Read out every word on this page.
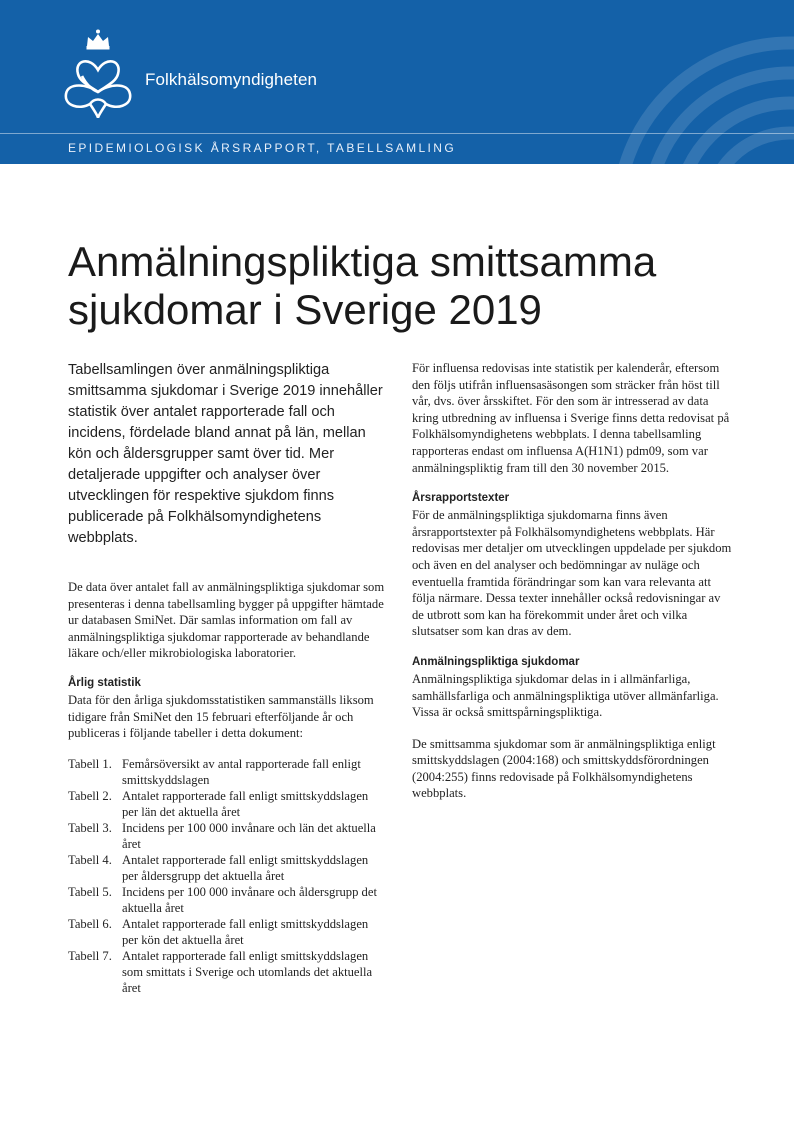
Folkhälsomyndigheten
EPIDEMIOLOGISK ÅRSRAPPORT, TABELLSAMLING
Anmälningspliktiga smittsamma
sjukdomar i Sverige 2019

Tabellsamlingen över anmälningspliktiga smittsamma sjukdomar i Sverige 2019 innehåller statistik över antalet rapporterade fall och incidens, fördelade bland annat på län, mellan kön och åldersgrupper samt över tid. Mer detaljerade uppgifter och analyser över utvecklingen för respektive sjukdom finns publicerade på Folkhälsomyndighetens webbplats.

De data över antalet fall av anmälningspliktiga sjukdomar som presenteras i denna tabellsamling bygger på uppgifter hämtade ur databasen SmiNet. Där samlas information om fall av anmälningspliktiga sjukdomar rapporterade av behandlande läkare och/eller mikrobiologiska laboratorier.

Årlig statistik

Data för den årliga sjukdomsstatistiken sammanställs liksom tidigare från SmiNet den 15 februari efterföljande år och publiceras i följande tabeller i detta dokument:

Tabell 1. Femårsöversikt av antal rapporterade fall enligt smittskyddslagen
Tabell 2. Antalet rapporterade fall enligt smittskyddslagen per län det aktuella året
Tabell 3. Incidens per 100 000 invånare och län det aktuella året
Tabell 4. Antalet rapporterade fall enligt smittskyddslagen per åldersgrupp det aktuella året
Tabell 5. Incidens per 100 000 invånare och åldersgrupp det aktuella året
Tabell 6. Antalet rapporterade fall enligt smittskyddslagen per kön det aktuella året
Tabell 7. Antalet rapporterade fall enligt smittskyddslagen som smittats i Sverige och utomlands det aktuella året

För influensa redovisas inte statistik per kalenderår, eftersom den följs utifrån influensasäsongen som sträcker från höst till vår, dvs. över årsskiftet. För den som är intresserad av data kring utbredning av influensa i Sverige finns detta redovisat på Folkhälsomyndighetens webbplats. I denna tabellsamling rapporteras endast om influensa A(H1N1) pdm09, som var anmälningspliktig fram till den 30 november 2015.

Årsrapportstexter

För de anmälningspliktiga sjukdomarna finns även årsrapportstexter på Folkhälsomyndighetens webbplats. Här redovisas mer detaljer om utvecklingen uppdelade per sjukdom och även en del analyser och bedömningar av nuläge och eventuella framtida förändringar som kan vara relevanta att följa närmare. Dessa texter innehåller också redovisningar av de utbrott som kan ha förekommit under året och vilka slutsatser som kan dras av dem.

Anmälningspliktiga sjukdomar

Anmälningspliktiga sjukdomar delas in i allmänfarliga, samhällsfarliga och anmälningspliktiga utöver allmänfarliga. Vissa är också smittspårningspliktiga.

De smittsamma sjukdomar som är anmälningspliktiga enligt smittskyddslagen (2004:168) och smittskyddsförordningen (2004:255) finns redovisade på Folkhälsomyndighetens webbplats.
